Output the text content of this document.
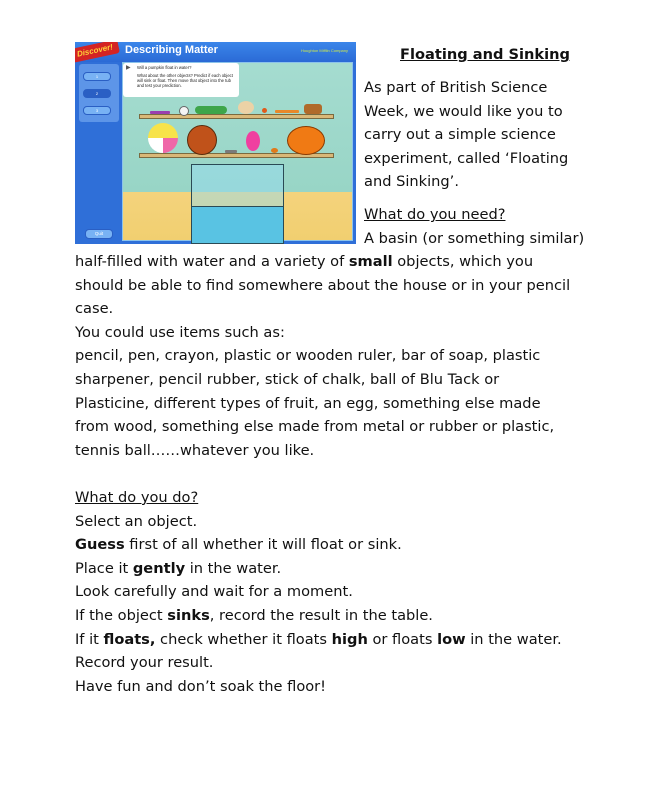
Discover!	Describing Matter	Houghton Mifflin Company
1
2
3
Quit
▶	Will a pumpkin float in water?
What about the other objects? Predict if each object will sink or float. Then move that object into the tub and test your prediction.
Floating and Sinking
As part of British Science
Week, we would like you to
carry out a simple science
experiment, called ‘Floating
and Sinking’.
What do you need?
A basin (or something similar)
half-filled with water and a variety of small objects, which you
should be able to find somewhere about the house or in your pencil
case.
You could use items such as:
pencil, pen, crayon, plastic or wooden ruler, bar of soap, plastic
sharpener, pencil rubber, stick of chalk, ball of Blu Tack or
Plasticine, different types of fruit, an egg, something else made
from wood, something else made from metal or rubber or plastic,
tennis ball……whatever you like.

What do you do?
Select an object.
Guess first of all whether it will float or sink.
Place it gently in the water.
Look carefully and wait for a moment.
If the object sinks, record the result in the table.
If it floats, check whether it floats high or floats low in the water.
Record your result.
Have fun and don’t soak the floor!
